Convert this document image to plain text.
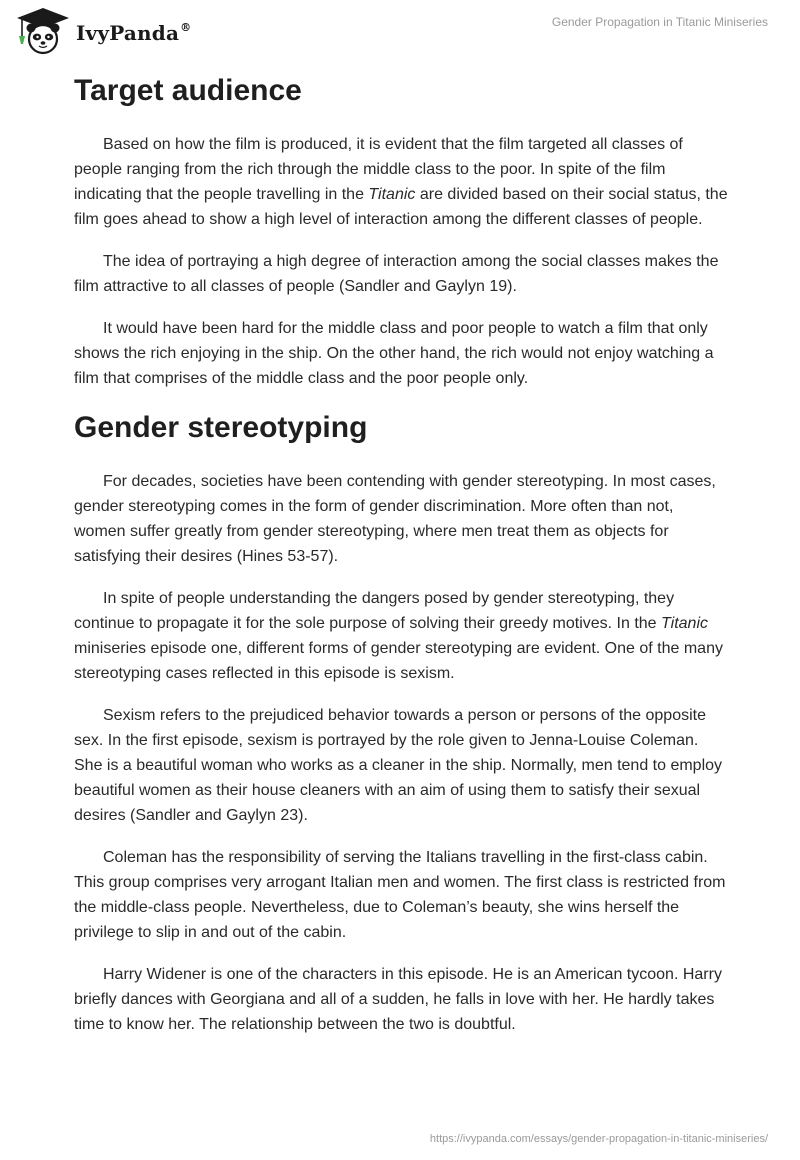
IvyPanda®	Gender Propagation in Titanic Miniseries
Target audience

Based on how the film is produced, it is evident that the film targeted all classes of people ranging from the rich through the middle class to the poor. In spite of the film indicating that the people travelling in the Titanic are divided based on their social status, the film goes ahead to show a high level of interaction among the different classes of people.

The idea of portraying a high degree of interaction among the social classes makes the film attractive to all classes of people (Sandler and Gaylyn 19).

It would have been hard for the middle class and poor people to watch a film that only shows the rich enjoying in the ship. On the other hand, the rich would not enjoy watching a film that comprises of the middle class and the poor people only.

Gender stereotyping

For decades, societies have been contending with gender stereotyping. In most cases, gender stereotyping comes in the form of gender discrimination. More often than not, women suffer greatly from gender stereotyping, where men treat them as objects for satisfying their desires (Hines 53-57).

In spite of people understanding the dangers posed by gender stereotyping, they continue to propagate it for the sole purpose of solving their greedy motives. In the Titanic miniseries episode one, different forms of gender stereotyping are evident. One of the many stereotyping cases reflected in this episode is sexism.

Sexism refers to the prejudiced behavior towards a person or persons of the opposite sex. In the first episode, sexism is portrayed by the role given to Jenna-Louise Coleman. She is a beautiful woman who works as a cleaner in the ship. Normally, men tend to employ beautiful women as their house cleaners with an aim of using them to satisfy their sexual desires (Sandler and Gaylyn 23).

Coleman has the responsibility of serving the Italians travelling in the first-class cabin. This group comprises very arrogant Italian men and women. The first class is restricted from the middle-class people. Nevertheless, due to Coleman’s beauty, she wins herself the privilege to slip in and out of the cabin.

Harry Widener is one of the characters in this episode. He is an American tycoon. Harry briefly dances with Georgiana and all of a sudden, he falls in love with her. He hardly takes time to know her. The relationship between the two is doubtful.

https://ivypanda.com/essays/gender-propagation-in-titanic-miniseries/
